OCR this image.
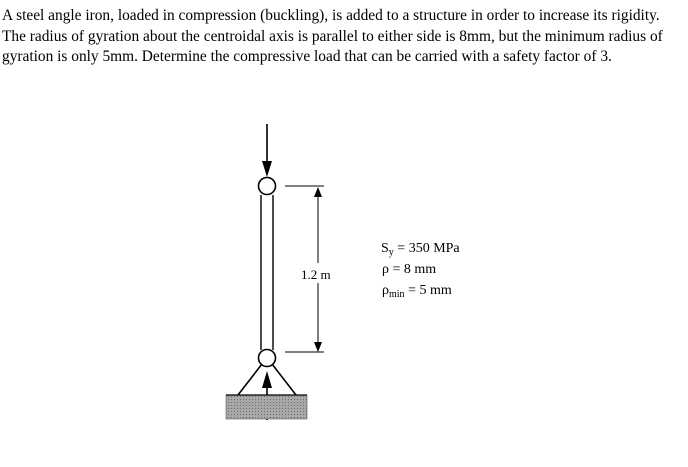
A steel angle iron, loaded in compression (buckling), is added to a structure in order to increase its rigidity. The radius of gyration about the centroidal axis is parallel to either side is 8mm, but the minimum radius of gyration is only 5mm. Determine the compressive load that can be carried with a safety factor of 3.
1.2 m
$S_y = 350$ MPa
ρ = 8 mm
$\rho_{min} = 5$ mm
